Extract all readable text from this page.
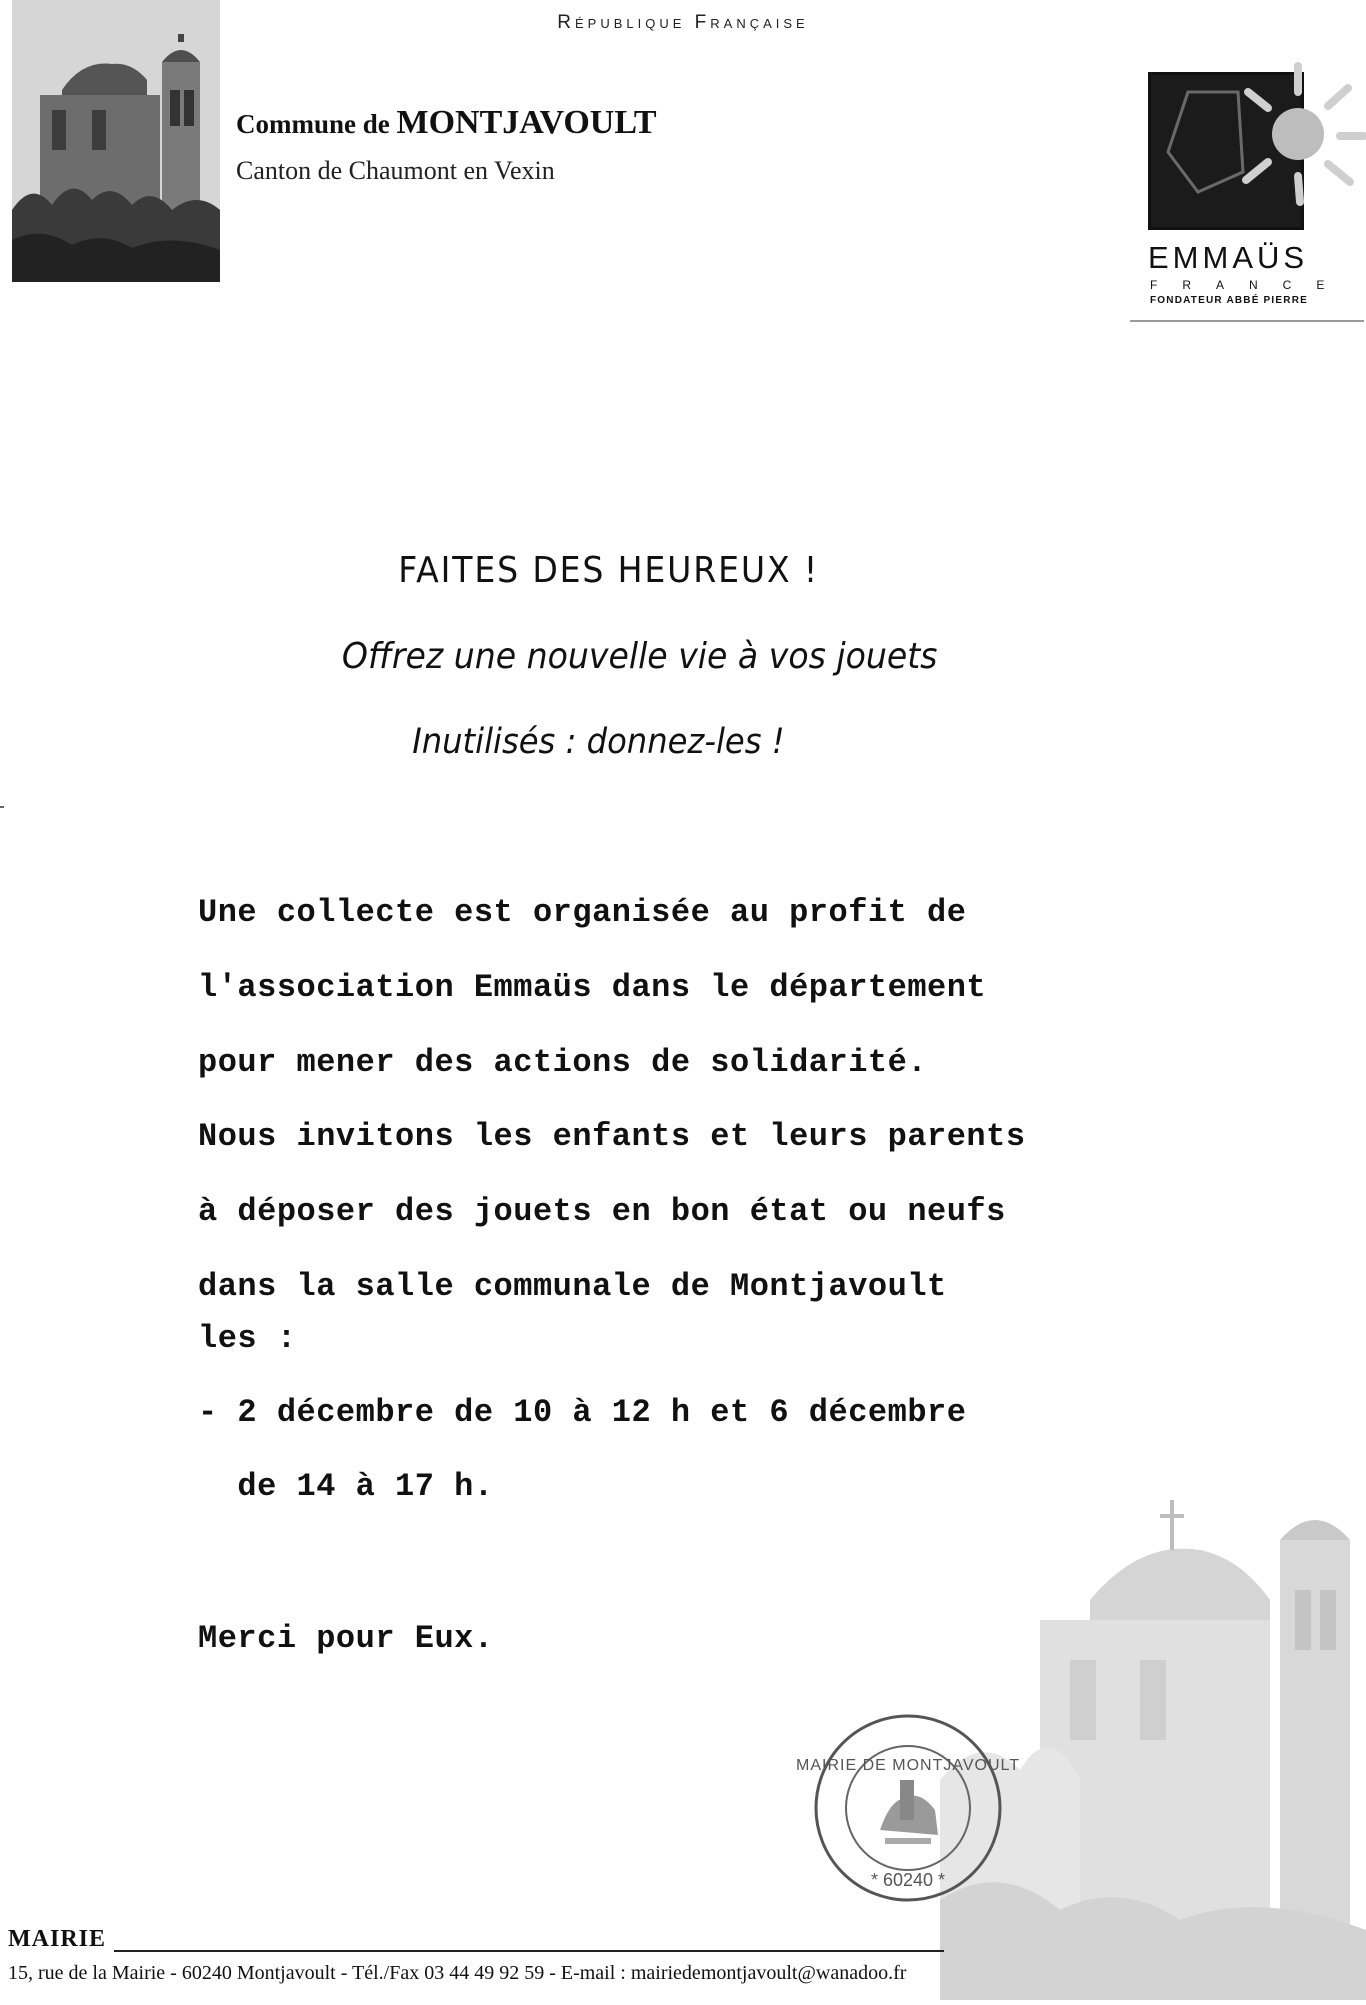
République Française
Commune de MONTJAVOULT
Canton de Chaumont en Vexin
EMMAÜS
FRANCE
FONDATEUR ABBÉ PIERRE
FAITES DES HEUREUX !
Offrez une nouvelle vie à vos jouets
Inutilisés : donnez-les !
Une collecte est organisée au profit de
l'association Emmaüs dans le département
pour mener des actions de solidarité.
Nous invitons les enfants et leurs parents
à déposer des jouets en bon état ou neufs
dans la salle communale de Montjavoult
les :
- 2 décembre de 10 à 12 h et 6 décembre
de 14 à 17 h.
Merci pour Eux.
MAIRIE DE MONTJAVOULT
* 60240 *
MAIRIE
15, rue de la Mairie - 60240 Montjavoult - Tél./Fax 03 44 49 92 59 - E-mail : mairiedemontjavoult@wanadoo.fr
